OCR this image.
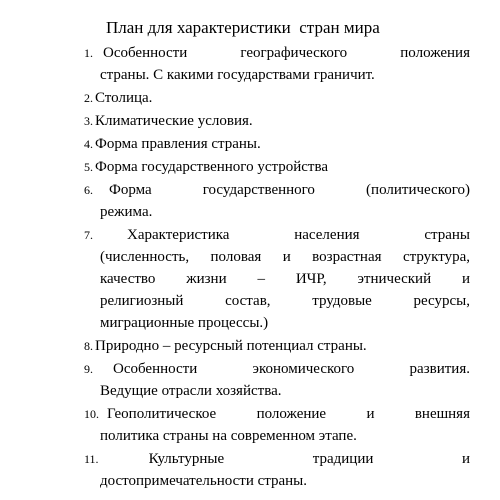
План для характеристики  стран мира
1. Особенности географического положения
страны. С какими государствами граничит.
2. Столица.
3. Климатические условия.
4. Форма правления страны.
5. Форма государственного устройства
6. Форма государственного (политического)
режима.
7. Характеристика населения страны
(численность, половая и возрастная структура,
качество жизни – ИЧР, этнический и
религиозный состав, трудовые ресурсы,
миграционные процессы.)
8. Природно – ресурсный потенциал страны.
9. Особенности экономического развития.
Ведущие отрасли хозяйства.
10. Геополитическое положение и внешняя
политика страны на современном этапе.
11.	Культурные традиции и
достопримечательности страны.
